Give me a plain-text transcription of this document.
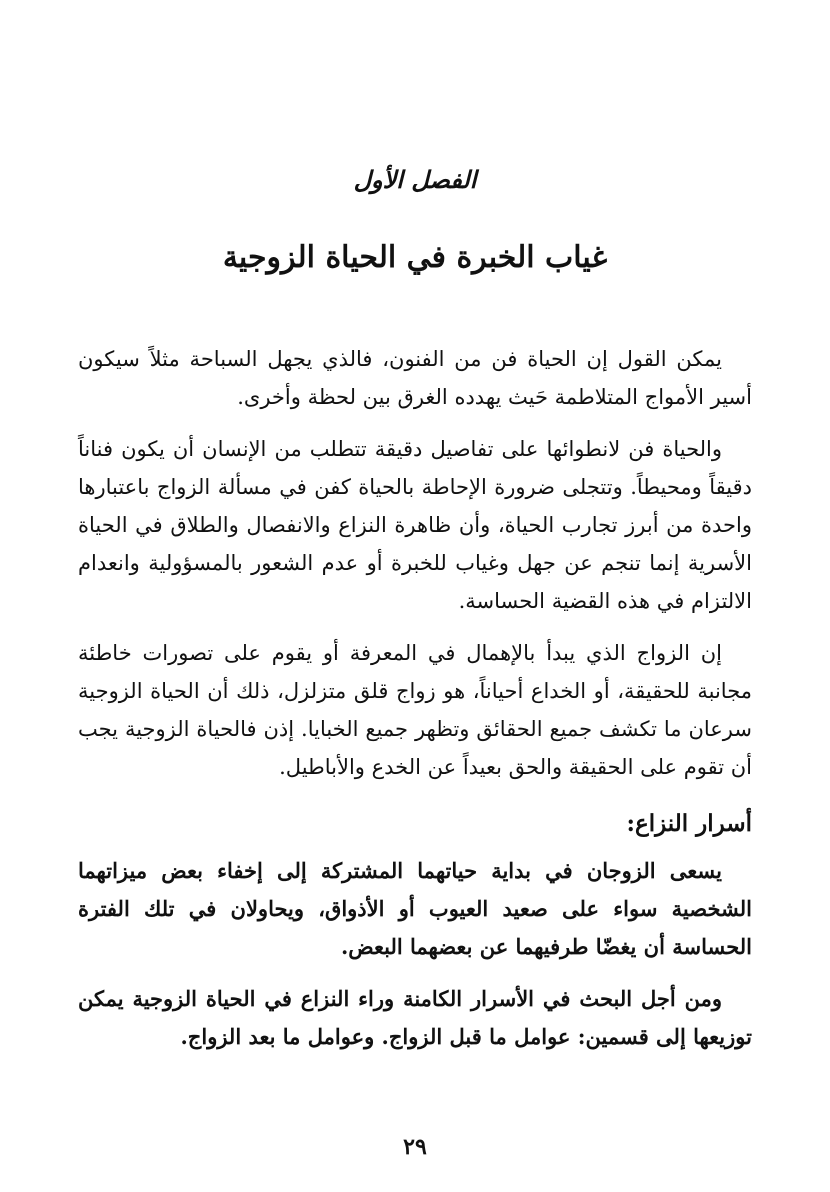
الفصل الأول
غياب الخبرة في الحياة الزوجية

يمكن القول إن الحياة فن من الفنون، فالذي يجهل السباحة مثلاً سيكون أسير الأمواج المتلاطمة حَيث يهدده الغرق بين لحظة وأخرى.

والحياة فن لانطوائها على تفاصيل دقيقة تتطلب من الإنسان أن يكون فناناً دقيقاً ومحيطاً. وتتجلى ضرورة الإحاطة بالحياة كفن في مسألة الزواج باعتبارها واحدة من أبرز تجارب الحياة، وأن ظاهرة النزاع والانفصال والطلاق في الحياة الأسرية إنما تنجم عن جهل وغياب للخبرة أو عدم الشعور بالمسؤولية وانعدام الالتزام في هذه القضية الحساسة.

إن الزواج الذي يبدأ بالإهمال في المعرفة أو يقوم على تصورات خاطئة مجانبة للحقيقة، أو الخداع أحياناً، هو زواج قلق متزلزل، ذلك أن الحياة الزوجية سرعان ما تكشف جميع الحقائق وتظهر جميع الخبايا. إذن فالحياة الزوجية يجب أن تقوم على الحقيقة والحق بعيداً عن الخدع والأباطيل.

أسرار النزاع:

يسعى الزوجان في بداية حياتهما المشتركة إلى إخفاء بعض ميزاتهما الشخصية سواء على صعيد العيوب أو الأذواق، ويحاولان في تلك الفترة الحساسة أن يغضّا طرفيهما عن بعضهما البعض.

ومن أجل البحث في الأسرار الكامنة وراء النزاع في الحياة الزوجية يمكن توزيعها إلى قسمين: عوامل ما قبل الزواج. وعوامل ما بعد الزواج.

٢٩
